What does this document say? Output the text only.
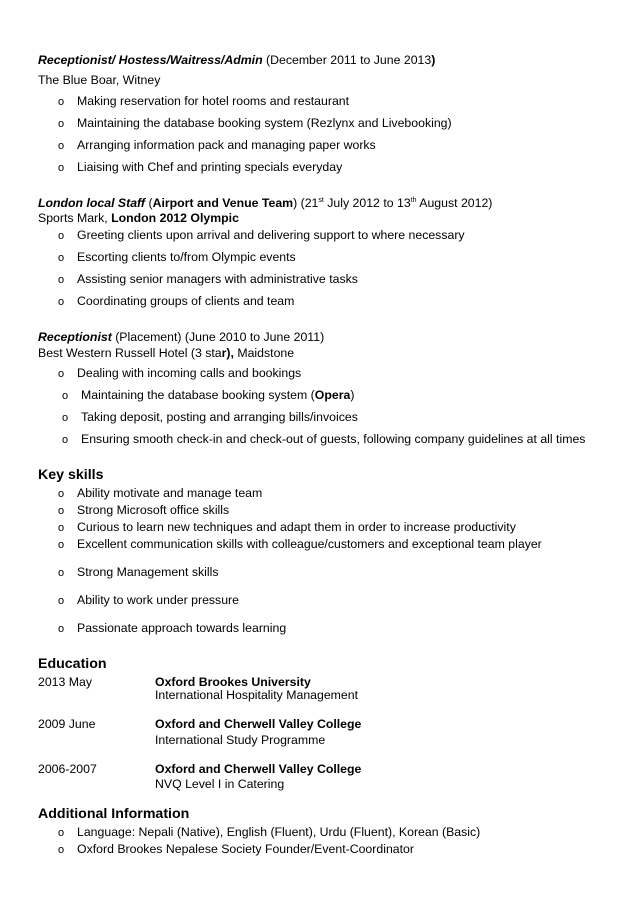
Receptionist/ Hostess/Waitress/Admin (December 2011 to June 2013)
The Blue Boar, Witney
o Making reservation for hotel rooms and restaurant
o Maintaining the database booking system (Rezlynx and Livebooking)
o Arranging information pack and managing paper works
o Liaising with Chef and printing specials everyday
London local Staff (Airport and Venue Team) (21st July 2012 to 13th August 2012)
Sports Mark, London 2012 Olympic
o Greeting clients upon arrival and delivering support to where necessary
o Escorting clients to/from Olympic events
o Assisting senior managers with administrative tasks
o Coordinating groups of clients and team
Receptionist (Placement) (June 2010 to June 2011)
Best Western Russell Hotel (3 star), Maidstone
o Dealing with incoming calls and bookings
o Maintaining the database booking system (Opera)
o Taking deposit, posting and arranging bills/invoices
o Ensuring smooth check-in and check-out of guests, following company guidelines at all times
Key skills
o Ability motivate and manage team
o Strong Microsoft office skills
o Curious to learn new techniques and adapt them in order to increase productivity
o Excellent communication skills with colleague/customers and exceptional team player
o Strong Management skills
o Ability to work under pressure
o Passionate approach towards learning
Education
2013 May	Oxford Brookes University
International Hospitality Management
2009 June	Oxford and Cherwell Valley College
International Study Programme
2006-2007	Oxford and Cherwell Valley College
NVQ Level I in Catering
Additional Information
o Language: Nepali (Native), English (Fluent), Urdu (Fluent), Korean (Basic)
o Oxford Brookes Nepalese Society Founder/Event-Coordinator
